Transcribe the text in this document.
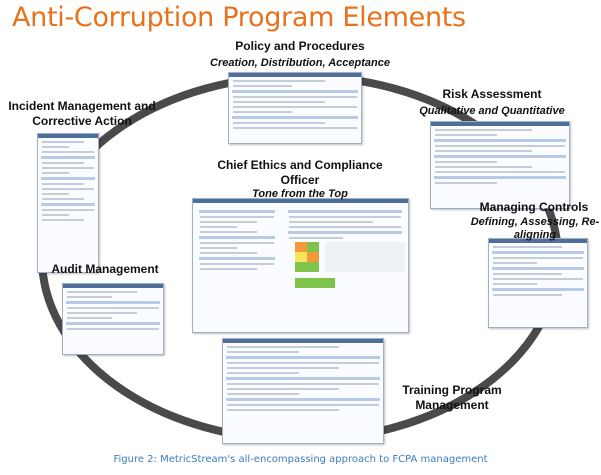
Anti-Corruption Program Elements
Policy and Procedures
Creation, Distribution, Acceptance
Risk Assessment
Qualitative and Quantitative
Incident Management and
Corrective Action
Chief Ethics and Compliance
Officer
Tone from the Top
Managing Controls
Defining, Assessing, Re-
aligning
Audit Management
Training Program
Management
Figure 2: MetricStream's all-encompassing approach to FCPA management
